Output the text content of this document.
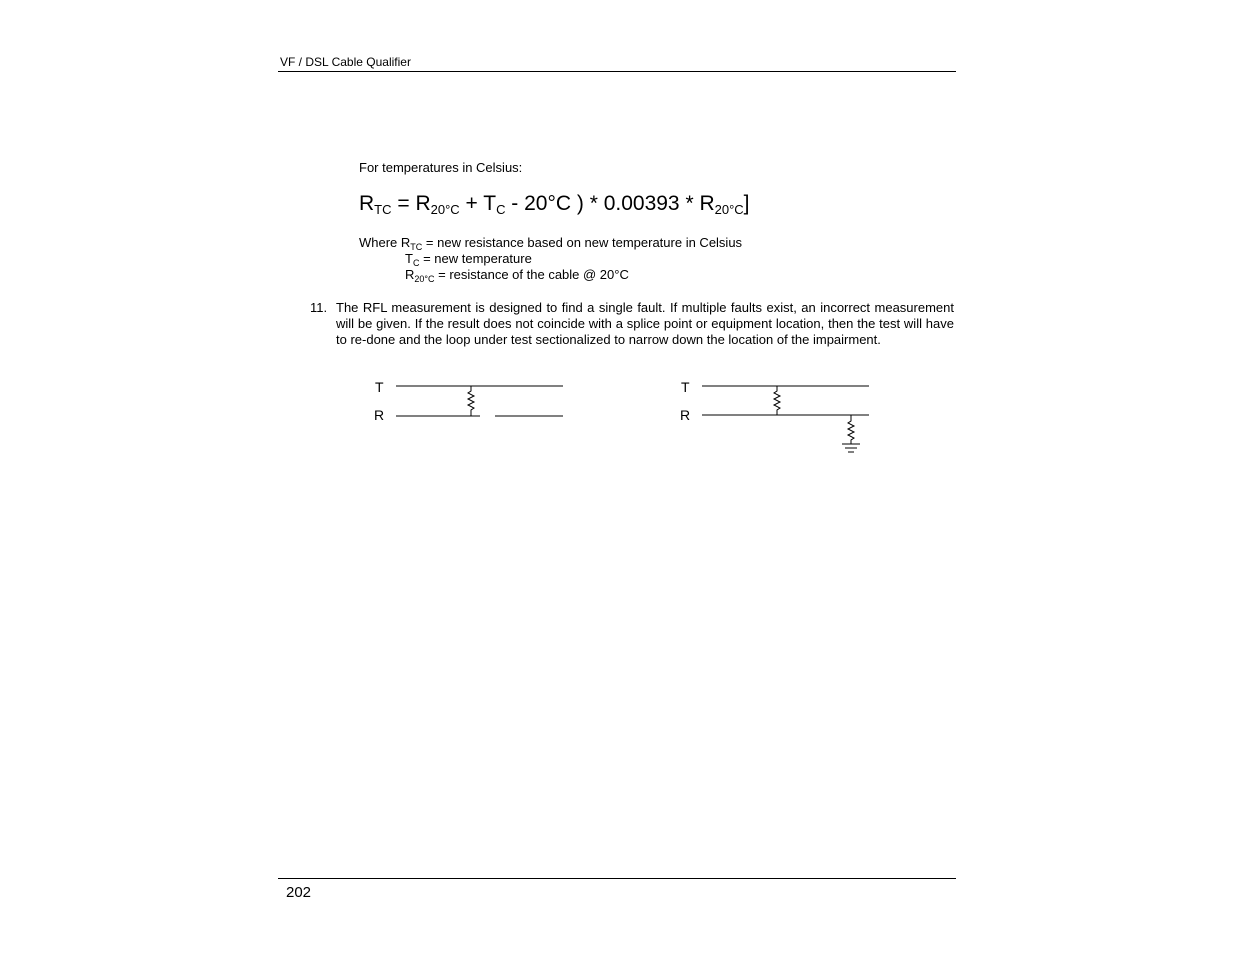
VF / DSL Cable Qualifier
For temperatures in Celsius:
$R_{TC} = R_{20^\circ C} + T_C - 20^\circ C$ ) * $0.00393 * R_{20^\circ C}$]
Where $R_{TC}$ = new resistance based on new temperature in Celsius
$T_C$ = new temperature
$R_{20^\circ C}$ = resistance of the cable @ 20°C
11. The RFL measurement is designed to find a single fault. If multiple faults exist, an incorrect measurement will be given. If the result does not coincide with a splice point or equipment location, then the test will have to re-done and the loop under test sectionalized to narrow down the location of the impairment.
T
R
T
R
202
